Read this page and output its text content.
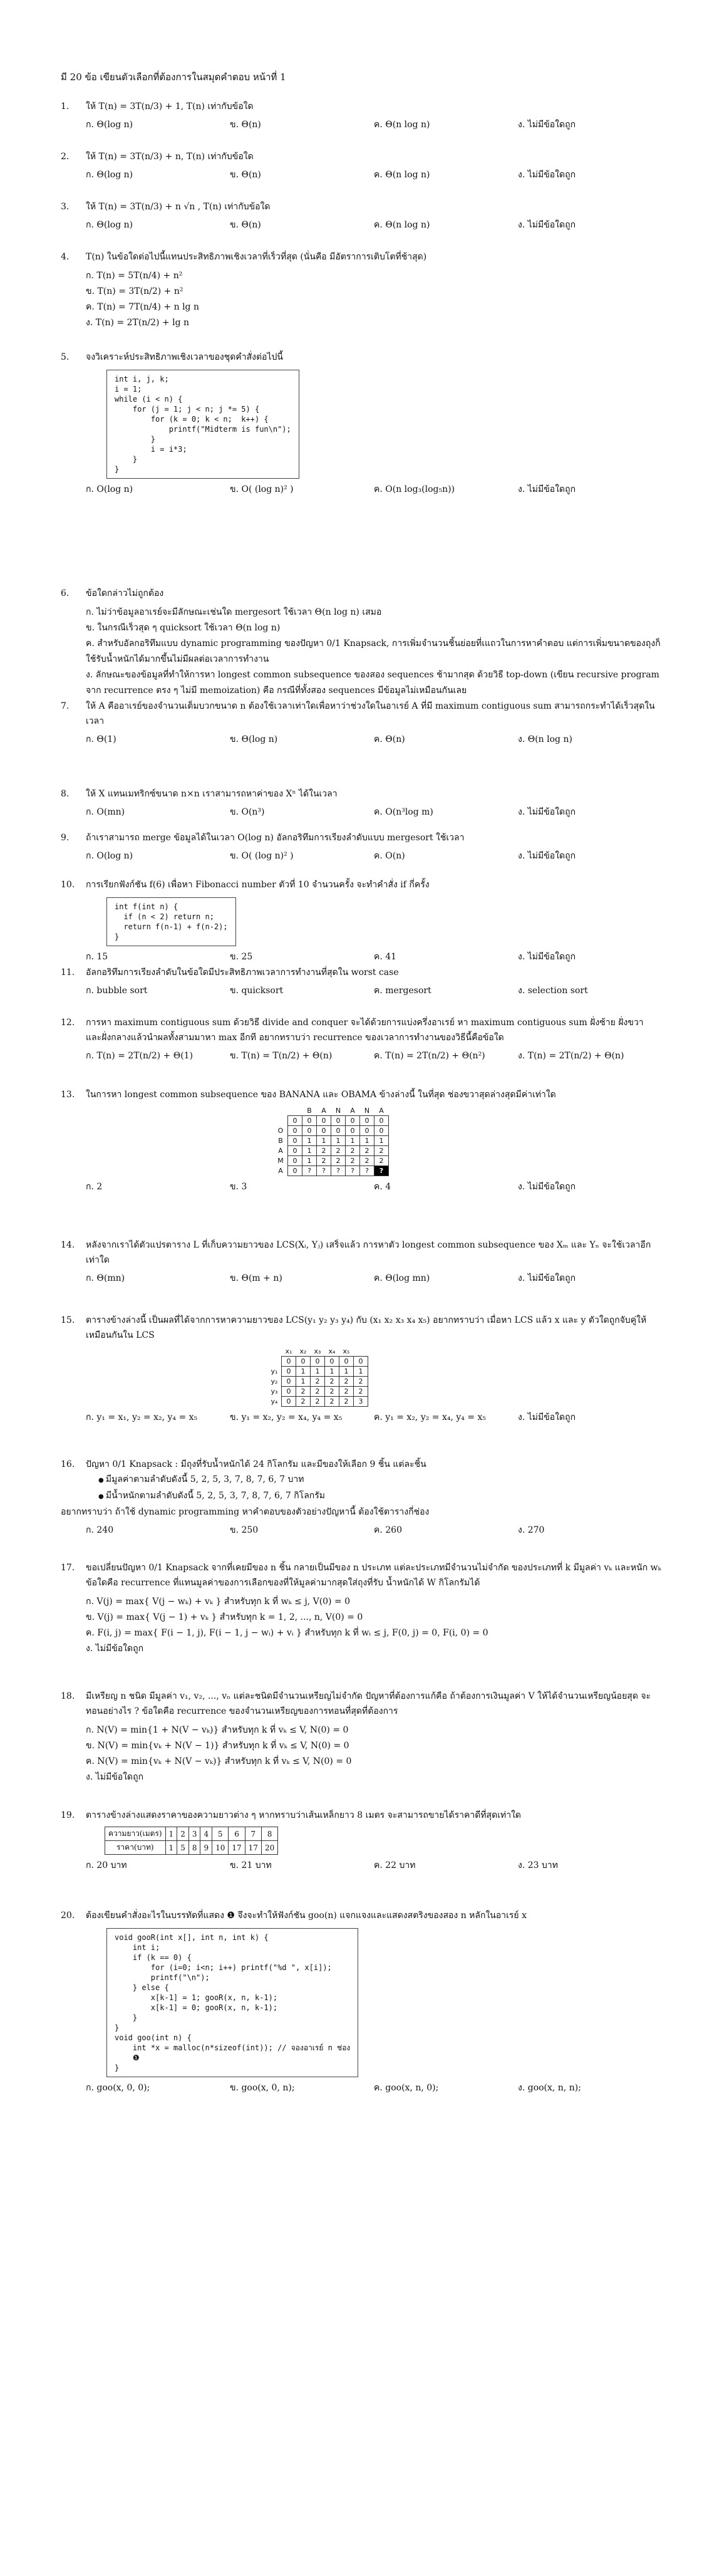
มี 20 ข้อ เขียนตัวเลือกที่ต้องการในสมุดคำตอบ หน้าที่ 1
1.	ให้ T(n) = 3T(n/3) + 1, T(n) เท่ากับข้อใด
ก. Θ(log n)	ข. Θ(n)	ค. Θ(n log n)	ง. ไม่มีข้อใดถูก
2.	ให้ T(n) = 3T(n/3) + n, T(n) เท่ากับข้อใด
ก. Θ(log n)	ข. Θ(n)	ค. Θ(n log n)	ง. ไม่มีข้อใดถูก
3.	ให้ T(n) = 3T(n/3) + n √n , T(n) เท่ากับข้อใด
ก. Θ(log n)	ข. Θ(n)	ค. Θ(n log n)	ง. ไม่มีข้อใดถูก
4.	T(n) ในข้อใดต่อไปนี้แทนประสิทธิภาพเชิงเวลาที่เร็วที่สุด (นั่นคือ มีอัตราการเติบโตที่ช้าสุด)
ก. T(n) = 5T(n/4) + n²
ข. T(n) = 3T(n/2) + n²
ค. T(n) = 7T(n/4) + n lg n
ง. T(n) = 2T(n/2) + lg n
5.	จงวิเคราะห์ประสิทธิภาพเชิงเวลาของชุดคำสั่งต่อไปนี้
int i, j, k;
i = 1;
while (i < n) {
for (j = 1; j < n; j *= 5) {
for (k = 0; k < n;  k++) {
printf("Midterm is fun\n");
}
i = i*3;
}
}
ก. O(log n)	ข. O( (log n)² )	ค. O(n log₃(log₅n))	ง. ไม่มีข้อใดถูก
6.	ข้อใดกล่าวไม่ถูกต้อง
ก. ไม่ว่าข้อมูลอาเรย์จะมีลักษณะเช่นใด mergesort ใช้เวลา Θ(n log n) เสมอ
ข. ในกรณีเร็วสุด ๆ quicksort ใช้เวลา Θ(n log n)
ค. สำหรับอัลกอริทึมแบบ dynamic programming ของปัญหา 0/1 Knapsack, การเพิ่มจำนวนชิ้นย่อยที่เแถวในการหาคำตอบ แต่การเพิ่มขนาดของถุงก็ใช้รับน้ำหนักได้มากขึ้นไม่มีผลต่อเวลาการทำงาน
ง. ลักษณะของข้อมูลที่ทำให้การหา longest common subsequence ของสอง sequences ช้ามากสุด ด้วยวิธี top-down (เขียน recursive program จาก recurrence ตรง ๆ ไม่มี memoization) คือ กรณีที่ทั้งสอง sequences มีข้อมูลไม่เหมือนกันเลย
7.	ให้ A คืออาเรย์ของจำนวนเต็มบวกขนาด n ต้องใช้เวลาเท่าใดเพื่อหาว่าช่วงใดในอาเรย์ A ที่มี maximum contiguous sum สามารถกระทำได้เร็วสุดในเวลา
ก. Θ(1)	ข. Θ(log n)	ค. Θ(n)	ง. Θ(n log n)
8.	ให้ X แทนเมทริกซ์ขนาด n×n เราสามารถหาค่าของ Xⁿ ได้ในเวลา
ก. O(mn)	ข. O(n³)	ค. O(n³log m)	ง. ไม่มีข้อใดถูก
9.	ถ้าเราสามารถ merge ข้อมูลได้ในเวลา O(log n) อัลกอริทึมการเรียงลำดับแบบ mergesort ใช้เวลา
ก. O(log n)	ข. O( (log n)² )	ค. O(n)	ง. ไม่มีข้อใดถูก
10.	การเรียกฟังก์ชัน f(6) เพื่อหา Fibonacci number ตัวที่ 10 จำนวนครั้ง จะทำคำสั่ง if กี่ครั้ง
int f(int n) {
if (n < 2) return n;
return f(n-1) + f(n-2);
}
ก. 15	ข. 25	ค. 41	ง. ไม่มีข้อใดถูก
11.	อัลกอริทึมการเรียงลำดับในข้อใดมีประสิทธิภาพเวลาการทำงานที่สุดใน worst case
ก. bubble sort	ข. quicksort	ค. mergesort	ง. selection sort
12.	การหา maximum contiguous sum ด้วยวิธี divide and conquer จะได้ด้วยการแบ่งครึ่งอาเรย์ หา maximum contiguous sum ฝั่งซ้าย ฝั่งขวา และฝั่งกลางแล้วนำผลทั้งสามมาหา max อีกที อยากทราบว่า recurrence ของเวลาการทำงานของวิธีนี้คือข้อใด
ก. T(n) = 2T(n/2) + Θ(1)	ข. T(n) = T(n/2) + Θ(n)	ค. T(n) = 2T(n/2) + Θ(n²)	ง. T(n) = 2T(n/2) + Θ(n)
13.	ในการหา longest common subsequence ของ BANANA และ OBAMA ข้างล่างนี้ ในที่สุด ช่องขวาสุดล่างสุดมีค่าเท่าใด
		B	A	N	A	N	A
	0	0	0	0	0	0	0
O	0	0	0	0	0	0	0
B	0	1	1	1	1	1	1
A	0	1	2	2	2	2	2
M	0	1	2	2	2	2	2
A	0	?	?	?	?	?	?
ก. 2	ข. 3	ค. 4	ง. ไม่มีข้อใดถูก
14.	หลังจากเราได้ตัวแปรตาราง L ที่เก็บความยาวของ LCS(Xᵢ, Yⱼ) เสร็จแล้ว การหาตัว longest common subsequence ของ Xₘ และ Yₙ จะใช้เวลาอีกเท่าใด
ก. Θ(mn)	ข. Θ(m + n)	ค. Θ(log mn)	ง. ไม่มีข้อใดถูก
15.	ตารางข้างล่างนี้ เป็นผลที่ได้จากการหาความยาวของ LCS(y₁ y₂ y₃ y₄) กับ (x₁ x₂ x₃ x₄ x₅) อยากทราบว่า เมื่อหา LCS แล้ว x และ y ตัวใดถูกจับคู่ให้เหมือนกันใน LCS
	x₁	x₂	x₃	x₄	x₅	
	0	0	0	0	0	0
y₁	0	1	1	1	1	1
y₂	0	1	2	2	2	2
y₃	0	2	2	2	2	2
y₄	0	2	2	2	2	3
ก. y₁ = x₁, y₂ = x₂, y₄ = x₅	ข. y₁ = x₂, y₂ = x₄, y₄ = x₅	ค. y₁ = x₂, y₂ = x₄, y₄ = x₅	ง. ไม่มีข้อใดถูก
16.	ปัญหา 0/1 Knapsack : มีถุงที่รับน้ำหนักได้ 24 กิโลกรัม และมีของให้เลือก 9 ชิ้น แต่ละชิ้น
● มีมูลค่าตามลำดับดังนี้ 5, 2, 5, 3, 7, 8, 7, 6, 7 บาท
● มีน้ำหนักตามลำดับดังนี้ 5, 2, 5, 3, 7, 8, 7, 6, 7 กิโลกรัม
อยากทราบว่า ถ้าใช้ dynamic programming หาคำตอบของตัวอย่างปัญหานี้ ต้องใช้ตารางกี่ช่อง
ก. 240	ข. 250	ค. 260	ง. 270
17.	ขอเปลี่ยนปัญหา 0/1 Knapsack จากที่เคยมีของ n ชิ้น กลายเป็นมีของ n ประเภท แต่ละประเภทมีจำนวนไม่จำกัด ของประเภทที่ k มีมูลค่า vₖ และหนัก wₖ ข้อใดคือ recurrence ที่แทนมูลค่าของการเลือกของที่ให้มูลค่ามากสุดใส่ถุงที่รับ น้ำหนักได้ W กิโลกรัมได้
ก. V(j) = max{ V(j − wₖ) + vₖ } สำหรับทุก k ที่ wₖ ≤ j, V(0) = 0
ข. V(j) = max{ V(j − 1) + vₖ } สำหรับทุก k = 1, 2, ..., n, V(0) = 0
ค. F(i, j) = max{ F(i − 1, j), F(i − 1, j − wᵢ) + vᵢ } สำหรับทุก k ที่ wᵢ ≤ j, F(0, j) = 0, F(i, 0) = 0
ง. ไม่มีข้อใดถูก
18.	มีเหรียญ n ชนิด มีมูลค่า v₁, v₂, ..., vₙ แต่ละชนิดมีจำนวนเหรียญไม่จำกัด ปัญหาที่ต้องการแก้คือ ถ้าต้องการเงินมูลค่า V ให้ได้จำนวนเหรียญน้อยสุด จะทอนอย่างไร ? ข้อใดคือ recurrence ของจำนวนเหรียญของการทอนที่สุดที่ต้องการ
ก. N(V) = min{1 + N(V − vₖ)} สำหรับทุก k ที่ vₖ ≤ V, N(0) = 0
ข. N(V) = min{vₖ + N(V − 1)} สำหรับทุก k ที่ vₖ ≤ V, N(0) = 0
ค. N(V) = min{vₖ + N(V − vₖ)} สำหรับทุก k ที่ vₖ ≤ V, N(0) = 0
ง. ไม่มีข้อใดถูก
19.	ตารางข้างล่างแสดงราคาของความยาวต่าง ๆ หากทราบว่าเส้นเหล็กยาว 8 เมตร จะสามารถขายได้ราคาดีที่สุดเท่าใด
ความยาว(เมตร)	1	2	3	4	5	6	7	8
ราคา(บาท)	1	5	8	9	10	17	17	20
ก. 20 บาท	ข. 21 บาท	ค. 22 บาท	ง. 23 บาท
20.	ต้องเขียนคำสั่งอะไรในบรรทัดที่แสดง ❶ จึงจะทำให้ฟังก์ชัน goo(n) แจกแจงและแสดงสตริงของสอง n หลักในอาเรย์ x
void gooR(int x[], int n, int k) {
int i;
if (k == 0) {
for (i=0; i<n; i++) printf("%d ", x[i]);
printf("\n");
} else {
x[k-1] = 1; gooR(x, n, k-1);
x[k-1] = 0; gooR(x, n, k-1);
}
}
void goo(int n) {
int *x = malloc(n*sizeof(int)); // จองอาเรย์ n ช่อง
❶
}
ก. goo(x, 0, 0);	ข. goo(x, 0, n);	ค. goo(x, n, 0);	ง. goo(x, n, n);
